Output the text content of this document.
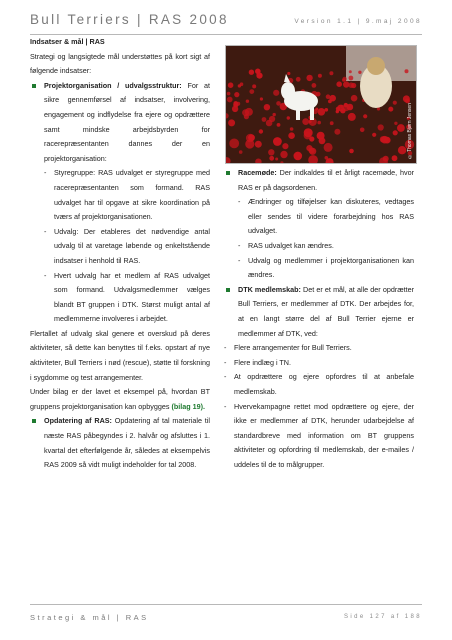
Bull Terriers | RAS 2008	Version 1.1 | 9.maj 2008

Indsatser & mål | RAS

Strategi og langsigtede mål understøttes på kort sigt af følgende indsatser:

Projektorganisation / udvalgsstruktur: For at sikre gennemførsel af indsatser, involvering, engagement og indflydelse fra ejere og opdrættere samt mindske arbejdsbyrden for racerepræsentanten dannes der en projektorganisation:
- Styregruppe: RAS udvalget er styregruppe med racerepræsentanten som formand. RAS udvalget har til opgave at sikre koordination på tværs af projektorganisationen.
- Udvalg: Der etableres det nødvendige antal udvalg til at varetage løbende og enkeltstående indsatser i henhold til RAS.
- Hvert udvalg har et medlem af RAS udvalget som formand. Udvalgsmedlemmer vælges blandt BT gruppen i DTK. Størst muligt antal af medlemmerne involveres i arbejdet.

Flertallet af udvalg skal genere et overskud på deres aktiviteter, så dette kan benyttes til f.eks. opstart af nye aktiviteter, Bull Terriers i nød (rescue), støtte til forskning i sygdomme og test arrangementer.

Under bilag er der lavet et eksempel på, hvordan BT gruppens projektorganisation kan opbygges (bilag 19).

Opdatering af RAS: Opdatering af tal materiale til næste RAS påbegyndes i 2. halvår og afsluttes i 1. kvartal det efterfølgende år, således at eksempelvis RAS 2009 så vidt muligt indeholder for tal 2008.
© Thomas Bjørn Jensen
Racemøde: Der indkaldes til et årligt racemøde, hvor RAS er på dagsordenen.
- Ændringer og tilføjelser kan diskuteres, vedtages eller sendes til videre forarbejdning hos RAS udvalget.
- RAS udvalget kan ændres.
- Udvalg og medlemmer i projektorganisationen kan ændres.
DTK medlemskab: Det er et mål, at alle der opdrætter Bull Terriers, er medlemmer af DTK. Der arbejdes for, at en langt større del af Bull Terrier ejerne er medlemmer af DTK, ved:
- Flere arrangementer for Bull Terriers.
- Flere indlæg i TN.
- At opdrættere og ejere opfordres til at anbefale medlemskab.
- Hvervekampagne rettet mod opdrættere og ejere, der ikke er medlemmer af DTK, herunder udarbejdelse af standardbreve med information om BT gruppens aktiviteter og opfordring til medlemskab, der e-mailes / uddeles til de to målgrupper.
Strategi & mål | RAS	Side 127 af 188
